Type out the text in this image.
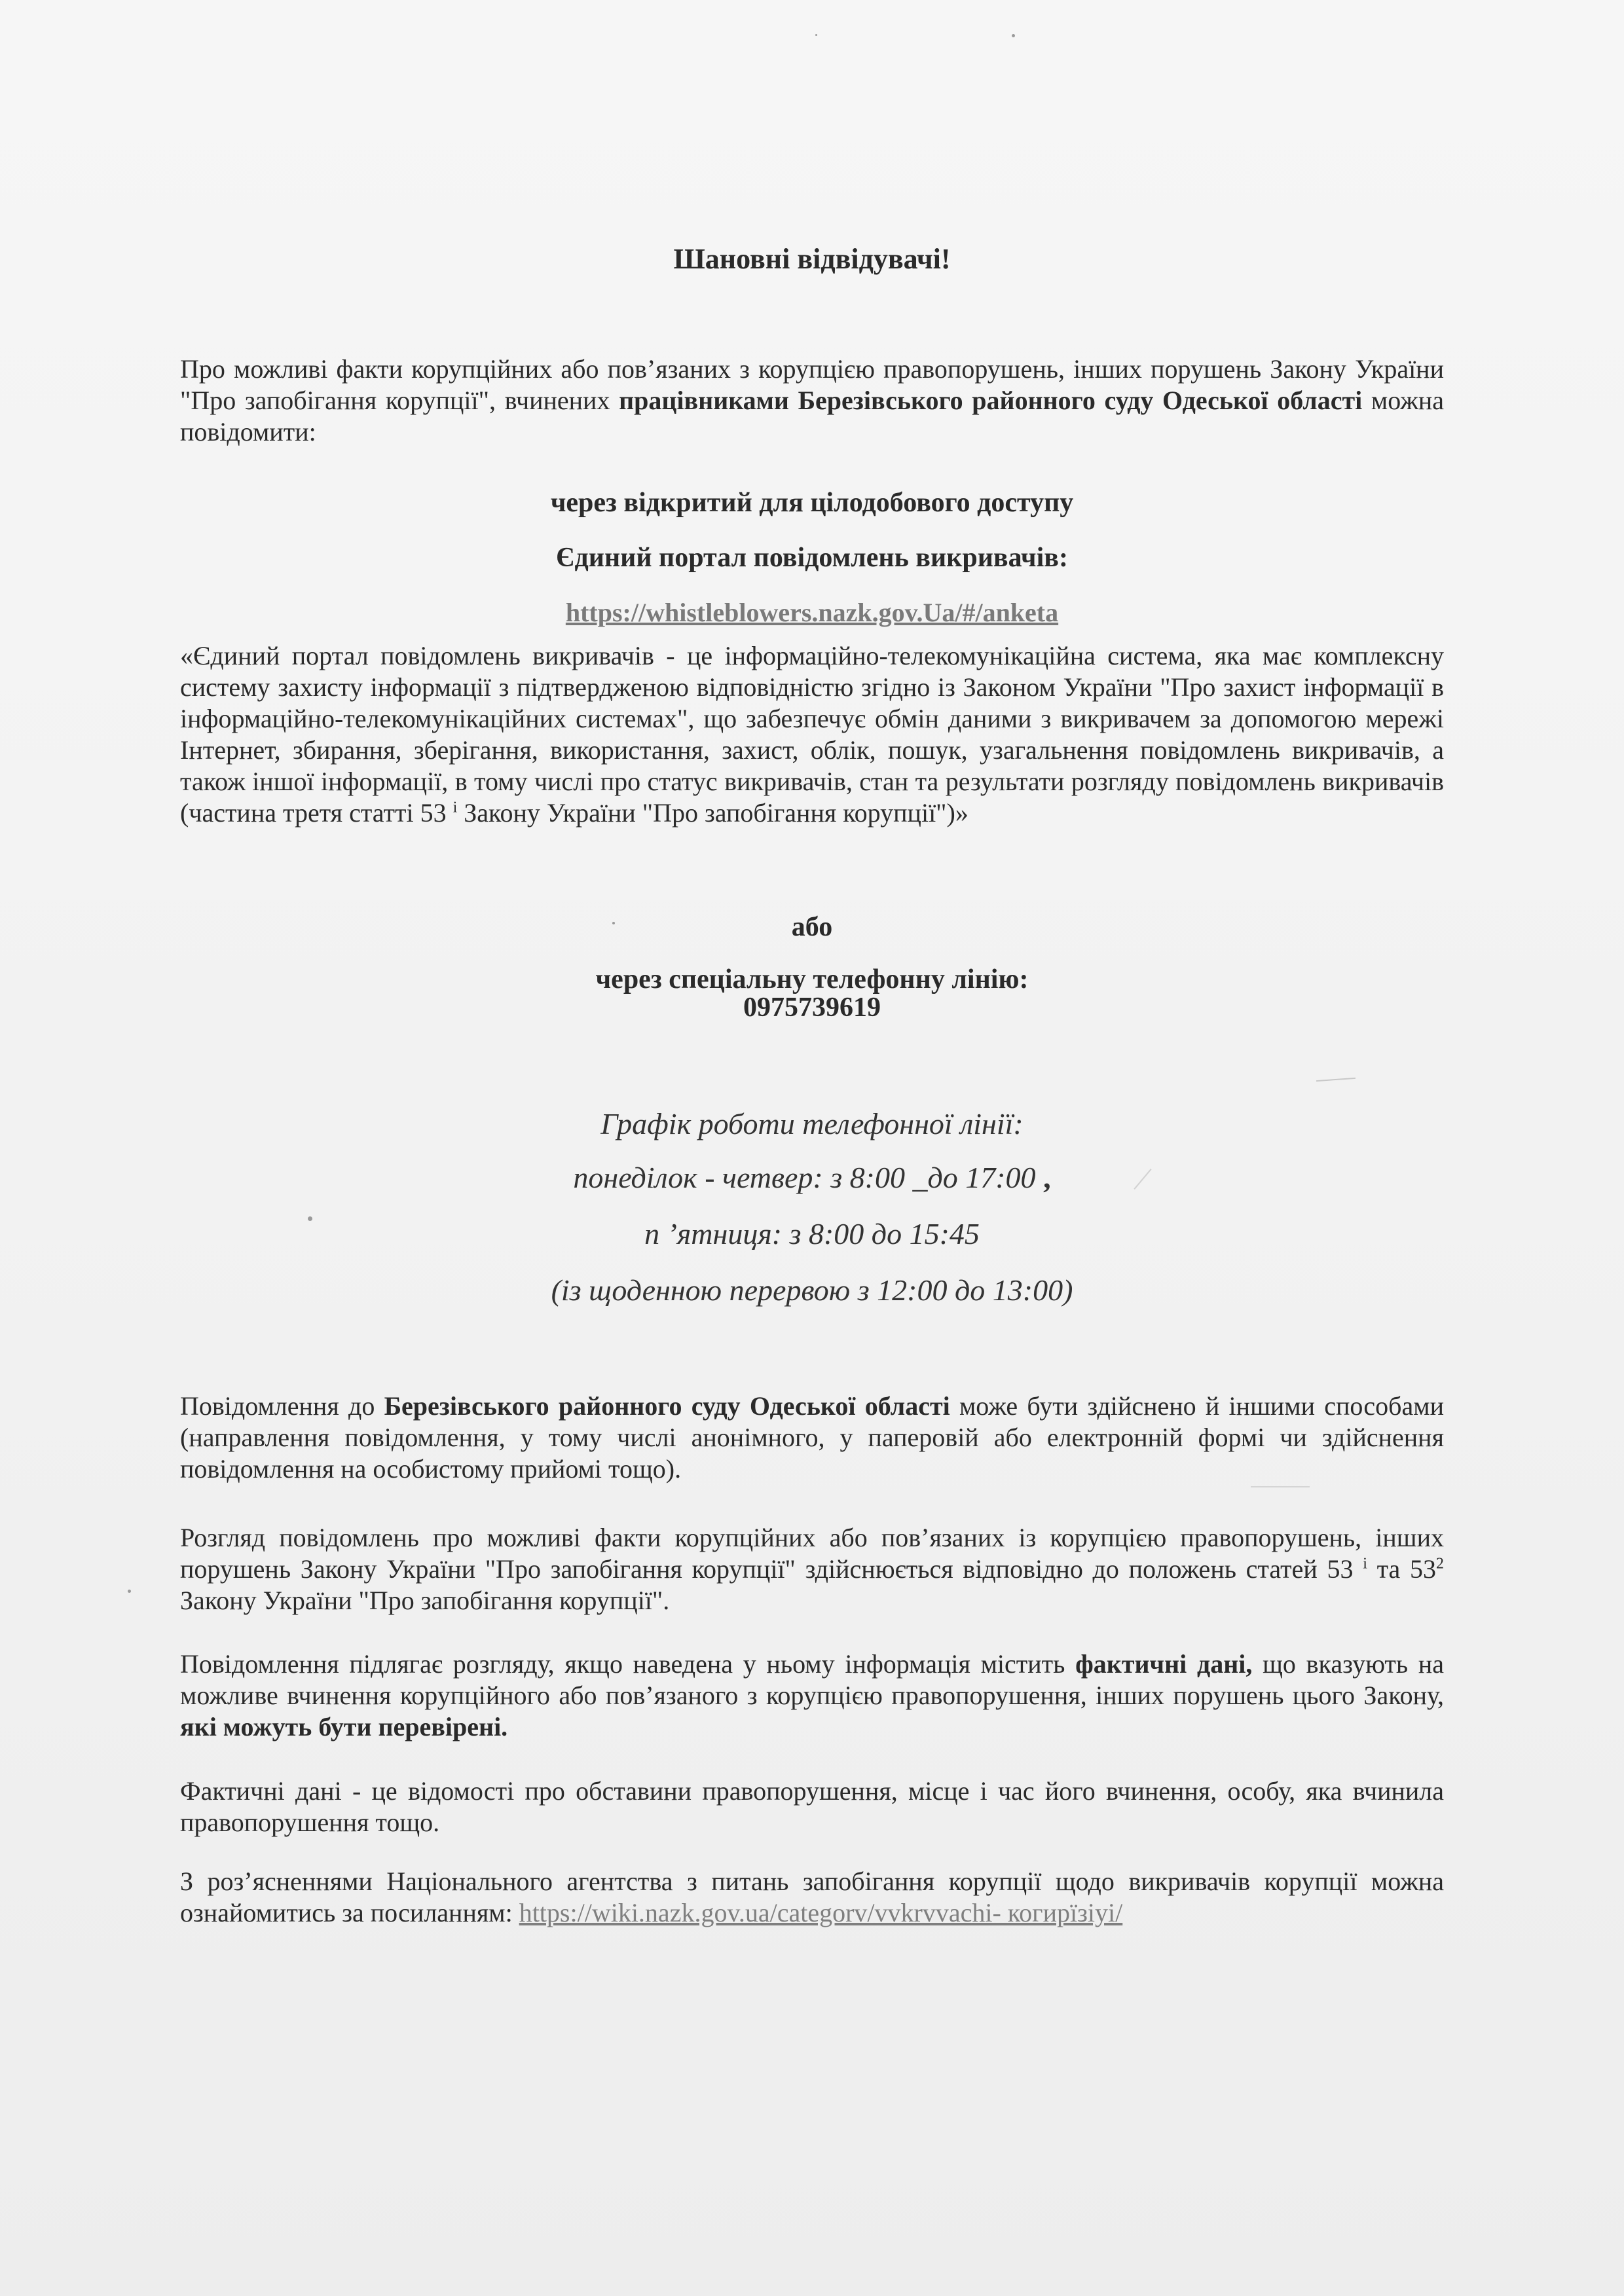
Шановні відвідувачі!

Про можливі факти корупційних або пов’язаних з корупцією правопорушень, інших порушень Закону України "Про запобігання корупції", вчинених працівниками Березівського районного суду Одеської області можна повідомити:

через відкритий для цілодобового доступу
Єдиний портал повідомлень викривачів:
https://whistleblowers.nazk.gov.Ua/#/anketa

«Єдиний портал повідомлень викривачів - це інформаційно-телекомунікаційна система, яка має комплексну систему захисту інформації з підтвердженою відповідністю згідно із Законом України "Про захист інформації в інформаційно-телекомунікаційних системах", що забезпечує обмін даними з викривачем за допомогою мережі Інтернет, збирання, зберігання, використання, захист, облік, пошук, узагальнення повідомлень викривачів, а також іншої інформації, в тому числі про статус викривачів, стан та результати розгляду повідомлень викривачів (частина третя статті 53 $^і$ Закону України "Про запобігання корупції")»

або
через спеціальну телефонну лінію:
0975739619
Графік роботи телефонної лінії:
понеділок - четвер: з 8:00 _до 17:00 ,
п ’ятниця: з 8:00 до 15:45
(із щоденною перервою з 12:00 до 13:00)

Повідомлення до Березівського районного суду Одеської області може бути здійснено й іншими способами (направлення повідомлення, у тому числі анонімного, у паперовій або електронній формі чи здійснення повідомлення на особистому прийомі тощо).

Розгляд повідомлень про можливі факти корупційних або пов’язаних із корупцією правопорушень, інших порушень Закону України "Про запобігання корупції" здійснюється відповідно до положень статей 53 $^і$ та $53^2$ Закону України "Про запобігання корупції".

Повідомлення підлягає розгляду, якщо наведена у ньому інформація містить фактичні дані, що вказують на можливе вчинення корупційного або пов’язаного з корупцією правопорушення, інших порушень цього Закону, які можуть бути перевірені.

Фактичні дані - це відомості про обставини правопорушення, місце і час його вчинення, особу, яка вчинила правопорушення тощо.

З роз’ясненнями Національного агентства з питань запобігання корупції щодо викривачів корупції можна ознайомитись за посиланням: https://wiki.nazk.gov.ua/categorv/vvkrvvachi- когирїзіуі/
